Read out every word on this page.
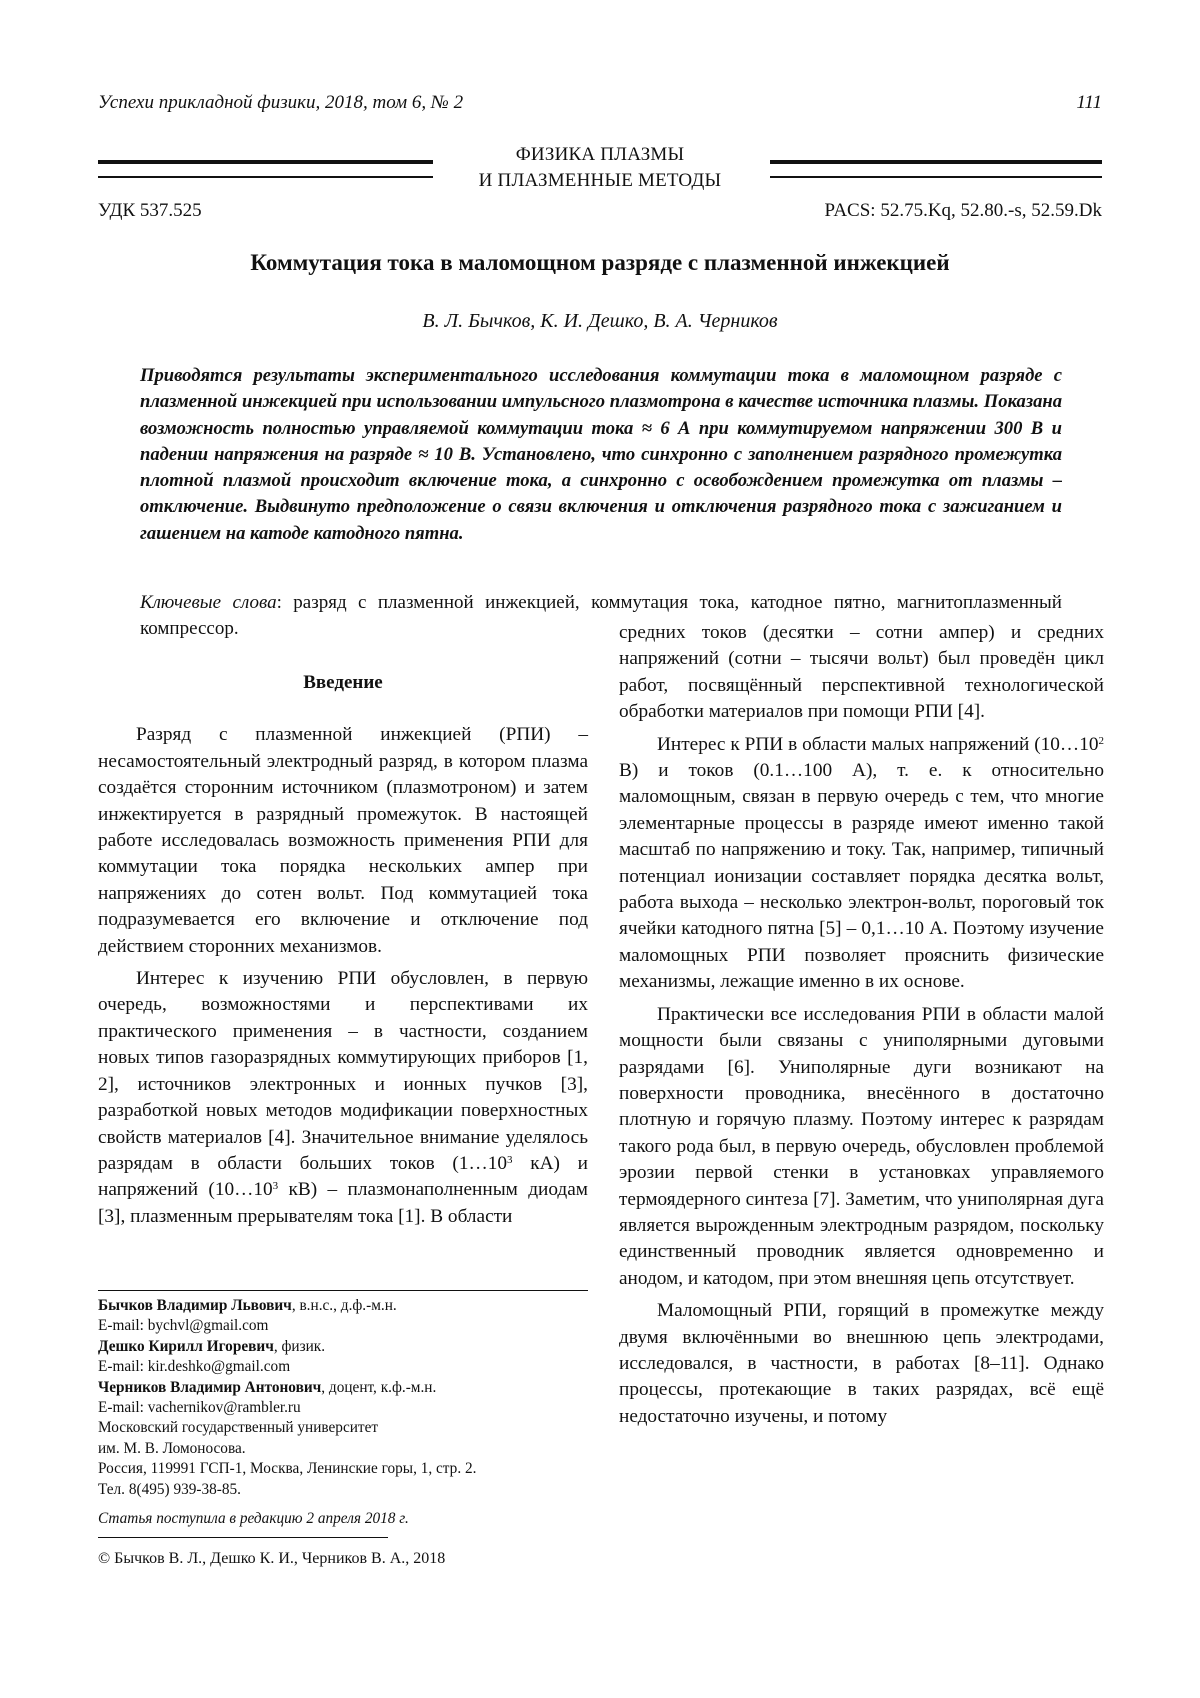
Успехи прикладной физики, 2018, том 6, № 2	111
ФИЗИКА ПЛАЗМЫ
И ПЛАЗМЕННЫЕ МЕТОДЫ
УДК 537.525	PACS: 52.75.Kq, 52.80.-s, 52.59.Dk
Коммутация тока в маломощном разряде с плазменной инжекцией
В. Л. Бычков, К. И. Дешко, В. А. Черников
Приводятся результаты экспериментального исследования коммутации тока в маломощном разряде с плазменной инжекцией при использовании импульсного плазмотрона в качестве источника плазмы. Показана возможность полностью управляемой коммутации тока ≈ 6 А при коммутируемом напряжении 300 В и падении напряжения на разряде ≈ 10 В. Установлено, что синхронно с заполнением разрядного промежутка плотной плазмой происходит включение тока, а синхронно с освобождением промежутка от плазмы – отключение. Выдвинуто предположение о связи включения и отключения разрядного тока с зажиганием и гашением на катоде катодного пятна.
Ключевые слова: разряд с плазменной инжекцией, коммутация тока, катодное пятно, магнитоплазменный компрессор.
Введение

Разряд с плазменной инжекцией (РПИ) – несамостоятельный электродный разряд, в котором плазма создаётся сторонним источником (плазмотроном) и затем инжектируется в разрядный промежуток. В настоящей работе исследовалась возможность применения РПИ для коммутации тока порядка нескольких ампер при напряжениях до сотен вольт. Под коммутацией тока подразумевается его включение и отключение под действием сторонних механизмов.

Интерес к изучению РПИ обусловлен, в первую очередь, возможностями и перспективами их практического применения – в частности, созданием новых типов газоразрядных коммутирующих приборов [1, 2], источников электронных и ионных пучков [3], разработкой новых методов модификации поверхностных свойств материалов [4]. Значительное внимание уделялось разрядам в области больших токов ($1\dots 10^3$ кА) и напряжений ($10\dots 10^3$ кВ) – плазмонаполненным диодам [3], плазменным прерывателям тока [1]. В области

средних токов (десятки – сотни ампер) и средних напряжений (сотни – тысячи вольт) был проведён цикл работ, посвящённый перспективной технологической обработки материалов при помощи РПИ [4].

Интерес к РПИ в области малых напряжений ($10\dots 10^2$ В) и токов (0.1…100 А), т. е. к относительно маломощным, связан в первую очередь с тем, что многие элементарные процессы в разряде имеют именно такой масштаб по напряжению и току. Так, например, типичный потенциал ионизации составляет порядка десятка вольт, работа выхода – несколько электрон-вольт, пороговый ток ячейки катодного пятна [5] – 0,1…10 А. Поэтому изучение маломощных РПИ позволяет прояснить физические механизмы, лежащие именно в их основе.

Практически все исследования РПИ в области малой мощности были связаны с униполярными дуговыми разрядами [6]. Униполярные дуги возникают на поверхности проводника, внесённого в достаточно плотную и горячую плазму. Поэтому интерес к разрядам такого рода был, в первую очередь, обусловлен проблемой эрозии первой стенки в установках управляемого термоядерного синтеза [7]. Заметим, что униполярная дуга является вырожденным электродным разрядом, поскольку единственный проводник является одновременно и анодом, и катодом, при этом внешняя цепь отсутствует.

Маломощный РПИ, горящий в промежутке между двумя включёнными во внешнюю цепь электродами, исследовался, в частности, в работах [8–11]. Однако процессы, протекающие в таких разрядах, всё ещё недостаточно изучены, и потому

Бычков Владимир Львович, в.н.с., д.ф.-м.н.
E-mail: bychvl@gmail.com
Дешко Кирилл Игоревич, физик.
E-mail: kir.deshko@gmail.com
Черников Владимир Антонович, доцент, к.ф.-м.н.
E-mail: vachernikov@rambler.ru
Московский государственный университет
им. М. В. Ломоносова.
Россия, 119991 ГСП-1, Москва, Ленинские горы, 1, стр. 2.
Тел. 8(495) 939-38-85.
Статья поступила в редакцию 2 апреля 2018 г.
© Бычков В. Л., Дешко К. И., Черников В. А., 2018
